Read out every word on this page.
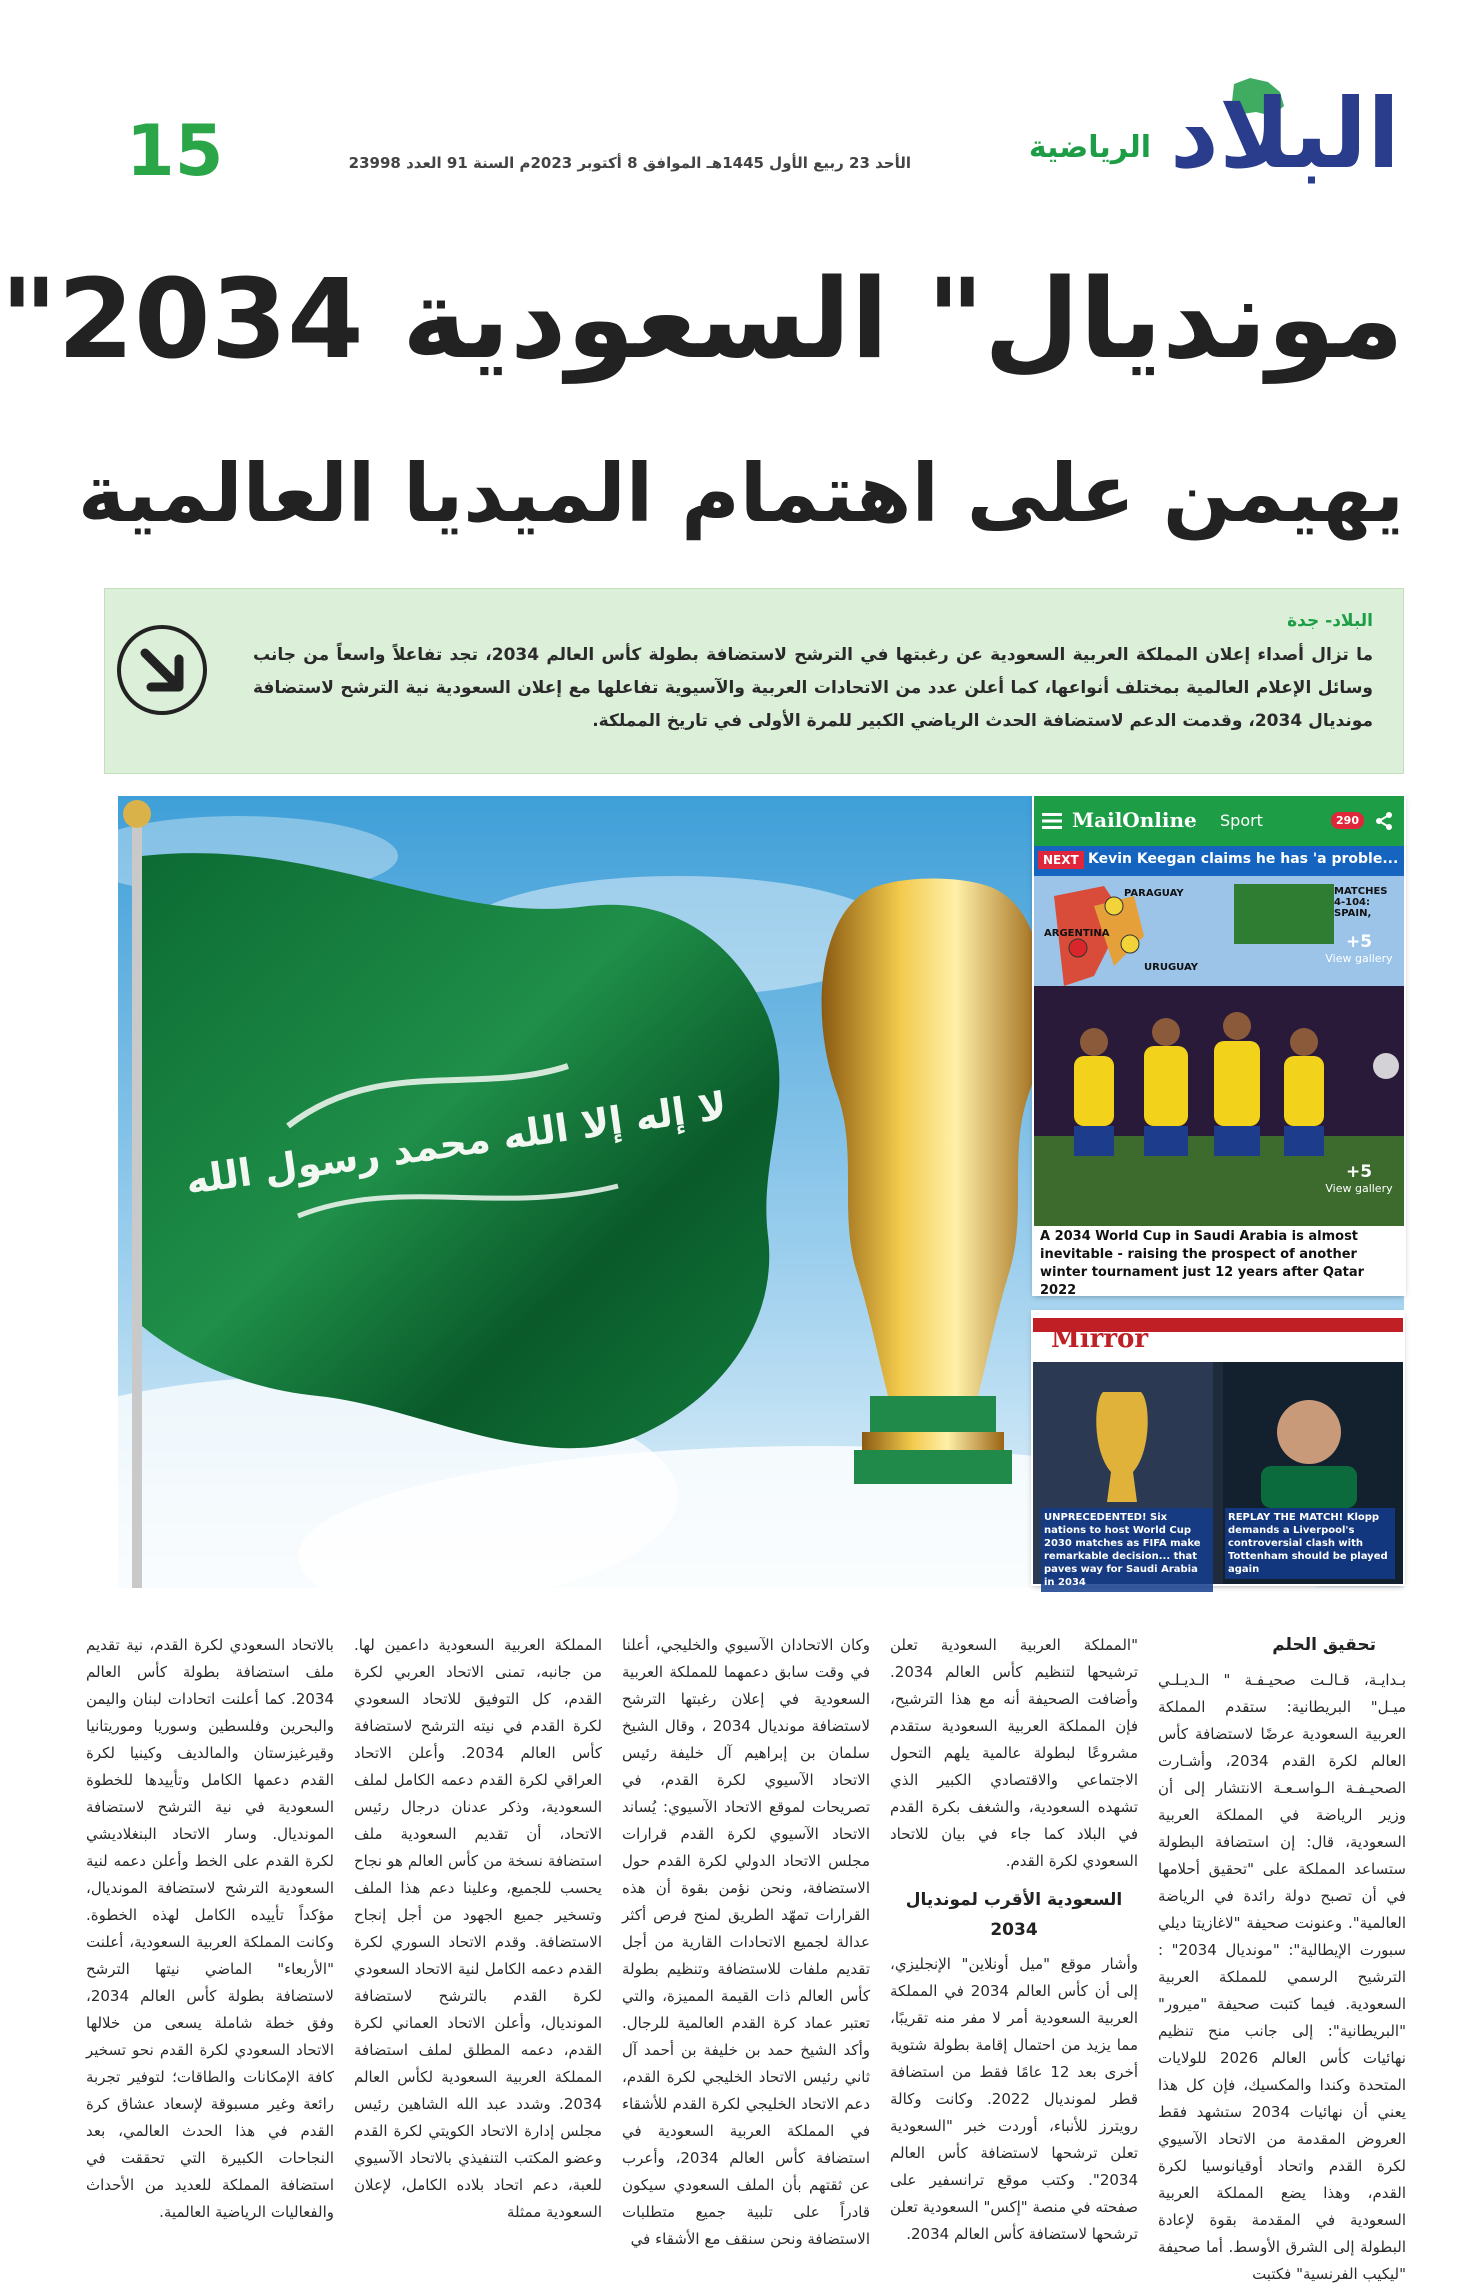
البلاد
الرياضية
الأحد 23 ربيع الأول 1445هـ الموافق 8 أكتوبر 2023م السنة 91 العدد 23998
15
مونديال" السعودية 2034"
يهيمن على اهتمام الميديا العالمية
البلاد- جدة

ما تزال أصداء إعلان المملكة العربية السعودية عن رغبتها في الترشح لاستضافة بطولة كأس العالم 2034، تجد تفاعلاً واسعاً من جانب وسائل الإعلام العالمية بمختلف أنواعها، كما أعلن عدد من الاتحادات العربية والآسيوية تفاعلها مع إعلان السعودية نية الترشح لاستضافة مونديال 2034، وقدمت الدعم لاستضافة الحدث الرياضي الكبير للمرة الأولى في تاريخ المملكة.

لا إله إلا الله محمد رسول الله
MailOnline Sport	290
NEXT Kevin Keegan claims he has 'a proble...
PARAGUAY
ARGENTINA
URUGUAY
MATCHES 4-104: SPAIN,
+5
View gallery
+5
View gallery

A 2034 World Cup in Saudi Arabia is almost inevitable - raising the prospect of another winter tournament just 12 years after Qatar 2022

Mirror

UNPRECEDENTED! Six nations to host World Cup 2030 matches as FIFA make remarkable decision... that paves way for Saudi Arabia in 2034

REPLAY THE MATCH! Klopp demands a Liverpool's controversial clash with Tottenham should be played again

تحقيق الحلم

بـدايـة، قـالـت صحيـفـة " الـديـلـي ميـل" البريطانية: ستقدم المملكة العربية السعودية عرضًا لاستضافة كأس العالم لكرة القدم 2034، وأشـارت الصحيـفـة الـواسـعـة الانتشار إلى أن وزير الرياضة في المملكة العربية السعودية، قال: إن استضافة البطولة ستساعد المملكة على "تحقيق أحلامها في أن تصبح دولة رائدة في الرياضة العالمية". وعنونت صحيفة "لاغازيتا ديلي سبورت الإيطالية": "مونديال 2034" : الترشيح الرسمي للمملكة العربية السعودية. فيما كتبت صحيفة "ميرور" "البريطانية": إلى جانب منح تنظيم نهائيات كأس العالم 2026 للولايات المتحدة وكندا والمكسيك، فإن كل هذا يعني أن نهائيات 2034 ستشهد فقط العروض المقدمة من الاتحاد الآسيوي لكرة القدم واتحاد أوقيانوسيا لكرة القدم، وهذا يضع المملكة العربية السعودية في المقدمة بقوة لإعادة البطولة إلى الشرق الأوسط. أما صحيفة "ليكيب الفرنسية" فكتبت

"المملكة العربية السعودية تعلن ترشيحها لتنظيم كأس العالم 2034. وأضافت الصحيفة أنه مع هذا الترشيح، فإن المملكة العربية السعودية ستقدم مشروعًا لبطولة عالمية يلهم التحول الاجتماعي والاقتصادي الكبير الذي تشهده السعودية، والشغف بكرة القدم في البلاد كما جاء في بيان للاتحاد السعودي لكرة القدم.

السعودية الأقرب لمونديال 2034

وأشار موقع "ميل أونلاين" الإنجليزي، إلى أن كأس العالم 2034 في المملكة العربية السعودية أمر لا مفر منه تقريبًا، مما يزيد من احتمال إقامة بطولة شتوية أخرى بعد 12 عامًا فقط من استضافة قطر لمونديال 2022. وكانت وكالة رويترز للأنباء، أوردت خبر "السعودية تعلن ترشحها لاستضافة كأس العالم 2034". وكتب موقع ترانسفير على صفحته في منصة "إكس" السعودية تعلن ترشحها لاستضافة كأس العالم 2034.

وكان الاتحادان الآسيوي والخليجي، أعلنا في وقت سابق دعمهما للمملكة العربية السعودية في إعلان رغبتها الترشح لاستضافة مونديال 2034 ، وقال الشيخ سلمان بن إبراهيم آل خليفة رئيس الاتحاد الآسيوي لكرة القدم، في تصريحات لموقع الاتحاد الآسيوي: يُساند الاتحاد الآسيوي لكرة القدم قرارات مجلس الاتحاد الدولي لكرة القدم حول الاستضافة، ونحن نؤمن بقوة أن هذه القرارات تمهّد الطريق لمنح فرص أكثر عدالة لجميع الاتحادات القارية من أجل تقديم ملفات للاستضافة وتنظيم بطولة كأس العالم ذات القيمة المميزة، والتي تعتبر عماد كرة القدم العالمية للرجال. وأكد الشيخ حمد بن خليفة بن أحمد آل ثاني رئيس الاتحاد الخليجي لكرة القدم، دعم الاتحاد الخليجي لكرة القدم للأشقاء في المملكة العربية السعودية في استضافة كأس العالم 2034، وأعرب عن ثقتهم بأن الملف السعودي سيكون قادراً على تلبية جميع متطلبات الاستضافة ونحن سنقف مع الأشقاء في

المملكة العربية السعودية داعمين لها. من جانبه، تمنى الاتحاد العربي لكرة القدم، كل التوفيق للاتحاد السعودي لكرة القدم في نيته الترشح لاستضافة كأس العالم 2034. وأعلن الاتحاد العراقي لكرة القدم دعمه الكامل لملف السعودية، وذكر عدنان درجال رئيس الاتحاد، أن تقديم السعودية ملف استضافة نسخة من كأس العالم هو نجاح يحسب للجميع، وعلينا دعم هذا الملف وتسخير جميع الجهود من أجل إنجاح الاستضافة. وقدم الاتحاد السوري لكرة القدم دعمه الكامل لنية الاتحاد السعودي لكرة القدم بالترشح لاستضافة المونديال، وأعلن الاتحاد العماني لكرة القدم، دعمه المطلق لملف استضافة المملكة العربية السعودية لكأس العالم 2034. وشدد عبد الله الشاهين رئيس مجلس إدارة الاتحاد الكويتي لكرة القدم وعضو المكتب التنفيذي بالاتحاد الآسيوي للعبة، دعم اتحاد بلاده الكامل، لإعلان السعودية ممثلة

بالاتحاد السعودي لكرة القدم، نية تقديم ملف استضافة بطولة كأس العالم 2034. كما أعلنت اتحادات لبنان واليمن والبحرين وفلسطين وسوريا وموريتانيا وقيرغيزستان والمالديف وكينيا لكرة القدم دعمها الكامل وتأييدها للخطوة السعودية في نية الترشح لاستضافة المونديال. وسار الاتحاد البنغلاديشي لكرة القدم على الخط وأعلن دعمه لنية السعودية الترشح لاستضافة المونديال، مؤكداً تأييده الكامل لهذه الخطوة. وكانت المملكة العربية السعودية، أعلنت "الأربعاء" الماضي نيتها الترشح لاستضافة بطولة كأس العالم 2034، وفق خطة شاملة يسعى من خلالها الاتحاد السعودي لكرة القدم نحو تسخير كافة الإمكانات والطاقات؛ لتوفير تجربة رائعة وغير مسبوقة لإسعاد عشاق كرة القدم في هذا الحدث العالمي، بعد النجاحات الكبيرة التي تحققت في استضافة المملكة للعديد من الأحداث والفعاليات الرياضية العالمية.
